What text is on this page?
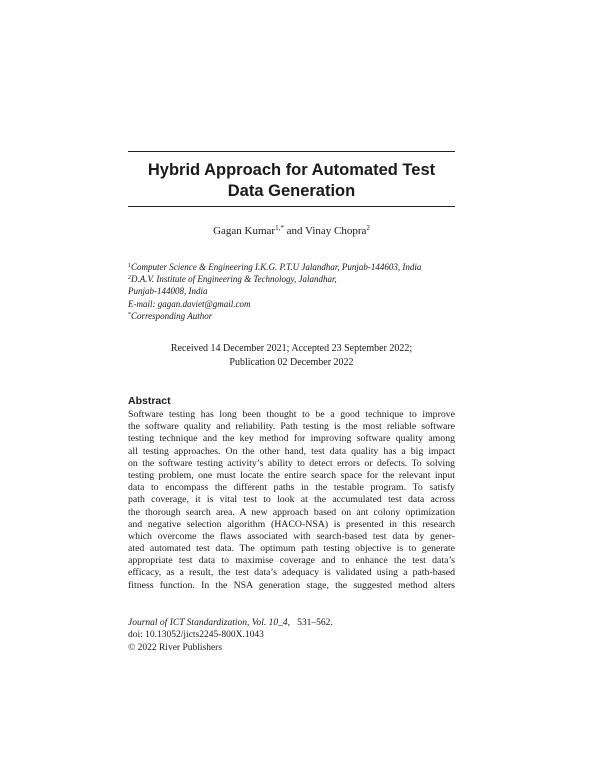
Hybrid Approach for Automated Test
Data Generation
Gagan Kumar$^{1,*}$ and Vinay Chopra$^2$
$^1$Computer Science & Engineering I.K.G. P.T.U Jalandhar, Punjab-144603, India
$^2$D.A.V. Institute of Engineering & Technology, Jalandhar,
Punjab-144008, India
E-mail: gagan.daviet@gmail.com
*Corresponding Author
Received 14 December 2021; Accepted 23 September 2022;
Publication 02 December 2022
Abstract
Software testing has long been thought to be a good technique to improve
the software quality and reliability. Path testing is the most reliable software
testing technique and the key method for improving software quality among
all testing approaches. On the other hand, test data quality has a big impact
on the software testing activity’s ability to detect errors or defects. To solving
testing problem, one must locate the entire search space for the relevant input
data to encompass the different paths in the testable program. To satisfy
path coverage, it is vital test to look at the accumulated test data across
the thorough search area. A new approach based on ant colony optimization
and negative selection algorithm (HACO-NSA) is presented in this research
which overcome the flaws associated with search-based test data by gener-
ated automated test data. The optimum path testing objective is to generate
appropriate test data to maximise coverage and to enhance the test data’s
efficacy, as a result, the test data’s adequacy is validated using a path-based
fitness function. In the NSA generation stage, the suggested method alters
Journal of ICT Standardization, Vol. 10_4, 531–562.
doi: 10.13052/jicts2245-800X.1043
© 2022 River Publishers
